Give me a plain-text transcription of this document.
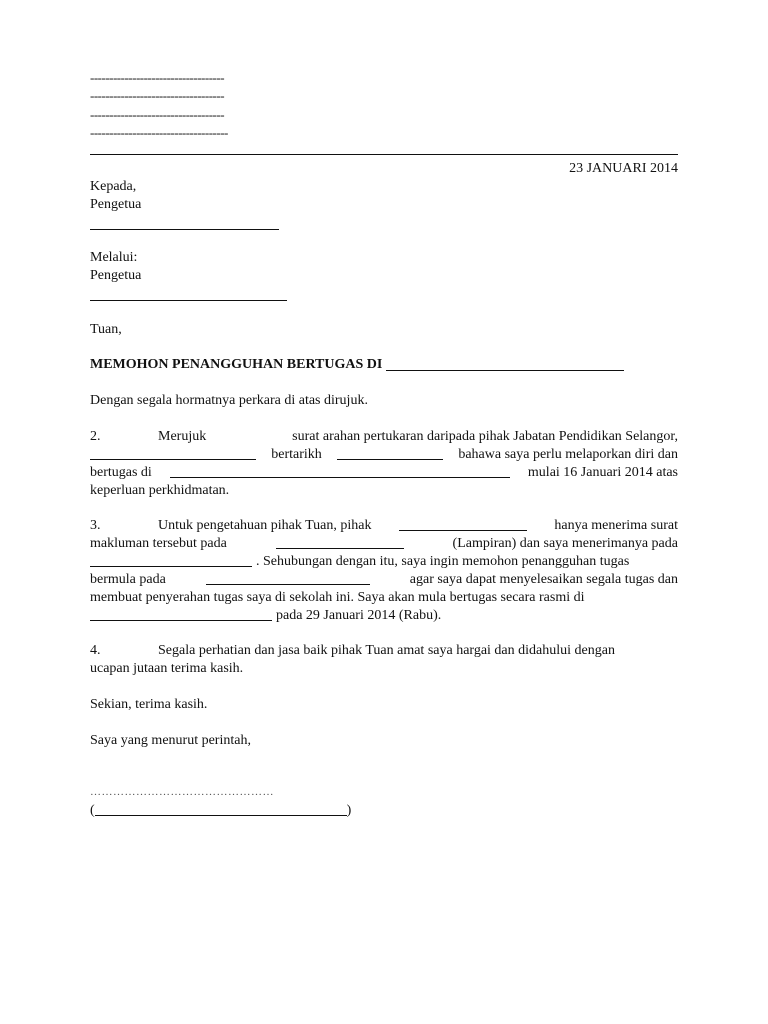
-----------------------------------
-----------------------------------
-----------------------------------
------------------------------------
23 JANUARI 2014
Kepada,
Pengetua
Melalui:
Pengetua
Tuan,
MEMOHON PENANGGUHAN BERTUGAS DI
Dengan segala hormatnya perkara di atas dirujuk.
2.	Merujuk	surat arahan pertukaran daripada pihak Jabatan Pendidikan Selangor,
bertarikh	bahawa saya perlu melaporkan diri dan
bertugas di	mulai 16 Januari 2014 atas
keperluan perkhidmatan.
3.	Untuk pengetahuan pihak Tuan, pihak	hanya menerima surat
makluman tersebut pada	(Lampiran) dan saya menerimanya pada
. Sehubungan dengan itu, saya ingin memohon penangguhan tugas
bermula pada	agar saya dapat menyelesaikan segala tugas dan
membuat penyerahan tugas saya di sekolah ini. Saya akan mula bertugas secara rasmi di
pada 29 Januari 2014 (Rabu).
4.	Segala perhatian dan jasa baik pihak Tuan amat saya hargai dan didahului dengan
ucapan jutaan terima kasih.
Sekian, terima kasih.
Saya yang menurut perintah,
…………………………………………
(	)
